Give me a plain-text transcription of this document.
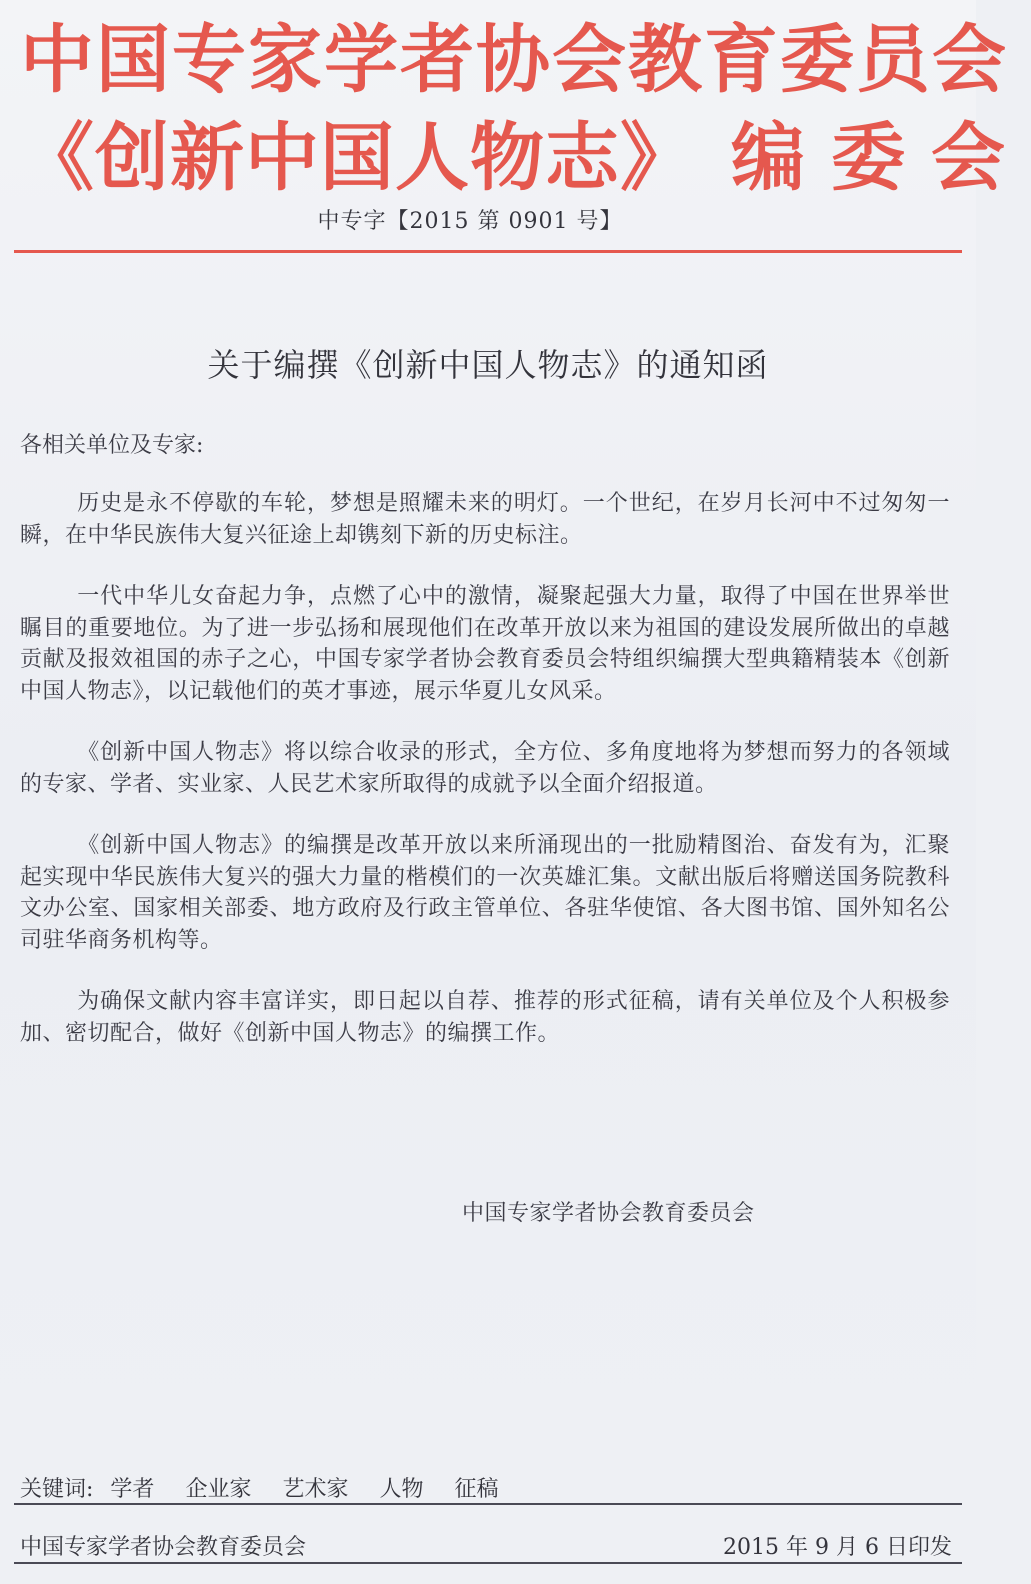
中国专家学者协会教育委员会
《创新中国人物志》 编委会
中专字【2015 第 0901 号】
关于编撰《创新中国人物志》的通知函
各相关单位及专家:

历史是永不停歇的车轮，梦想是照耀未来的明灯。一个世纪，在岁月长河中不过匆匆一瞬，在中华民族伟大复兴征途上却镌刻下新的历史标注。

一代中华儿女奋起力争，点燃了心中的激情，凝聚起强大力量，取得了中国在世界举世瞩目的重要地位。为了进一步弘扬和展现他们在改革开放以来为祖国的建设发展所做出的卓越贡献及报效祖国的赤子之心，中国专家学者协会教育委员会特组织编撰大型典籍精装本《创新中国人物志》，以记载他们的英才事迹，展示华夏儿女风采。

《创新中国人物志》将以综合收录的形式，全方位、多角度地将为梦想而努力的各领域的专家、学者、实业家、人民艺术家所取得的成就予以全面介绍报道。

《创新中国人物志》的编撰是改革开放以来所涌现出的一批励精图治、奋发有为，汇聚起实现中华民族伟大复兴的强大力量的楷模们的一次英雄汇集。文献出版后将赠送国务院教科文办公室、国家相关部委、地方政府及行政主管单位、各驻华使馆、各大图书馆、国外知名公司驻华商务机构等。

为确保文献内容丰富详实，即日起以自荐、推荐的形式征稿，请有关单位及个人积极参加、密切配合，做好《创新中国人物志》的编撰工作。

中国专家学者协会教育委员会
关键词: 学者 企业家 艺术家 人物 征稿
中国专家学者协会教育委员会	2015 年 9 月 6 日印发
